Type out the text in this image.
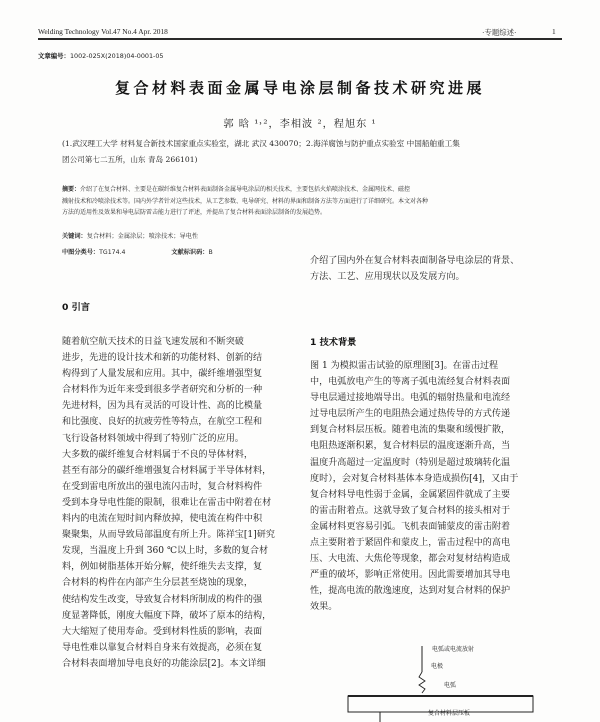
Welding Technology Vol.47 No.4 Apr. 2018	·专题综述·	1
文章编号：1002-025X(2018)04-0001-05
复合材料表面金属导电涂层制备技术研究进展
郭 晗 ¹˒²，李相波 ²，程旭东 ¹
(1.武汉理工大学 材料复合新技术国家重点实验室，湖北 武汉 430070；2.海洋腐蚀与防护重点实验室 中国船舶重工集
团公司第七二五所，山东 青岛 266101)
摘要：介绍了在复合材料、主要是在碳纤维复合材料表面制备金属导电涂层的相关技术，主要包括火焰喷涂技术、金属网技术、磁控
溅射技术和冷喷涂技术等。国内外学者针对这些技术，从工艺参数、电导研究、材料的界面和制备方法等方面进行了详细研究。本文对各种
方法的适用性及效果和导电层防雷击能力进行了评述，并提出了复合材料表面涂层制备的发展趋势。
关键词：复合材料；金属涂层；喷涂技术；导电性
中图分类号：TG174.4	文献标识码：B
介绍了国内外在复合材料表面制备导电涂层的背景、
方法、工艺、应用现状以及发展方向。
0 引言
1 技术背景
随着航空航天技术的日益飞速发展和不断突破
进步，先进的设计技术和新的功能材料、创新的结
构得到了人量发展和应用。其中，碳纤维增强型复
合材料作为近年来受到很多学者研究和分析的一种
先进材料，因为具有灵活的可设计性、高的比模量
和比强度、良好的抗疲劳性等特点，在航空工程和
飞行设备材料领域中得到了特别广泛的应用。
大多数的碳纤维复合材料属于不良的导体材料，
甚至有部分的碳纤维增强复合材料属于半导体材料，
在受到雷电所放出的强电流闪击时，复合材料构件
受到本身导电性能的限制，很难让在雷击中附着在材
料内的电流在短时间内释放掉，使电流在构件中积
聚聚集，从而导致局部温度有所上升。陈祥宝[1]研究
发现，当温度上升到 360 ℃以上时，多数的复合材
料，例如树脂基体开始分解，使纤维失去支撑，复
合材料的构件在内部产生分层甚至烧蚀的现象，
使结构发生改变，导致复合材料所制成的构件的强
度显著降低，刚度大幅度下降，破坏了原本的结构，
大大缩短了使用寿命。受到材料性质的影响，表面
导电性难以靠复合材料自身来有效提高，必须在复
合材料表面增加导电良好的功能涂层[2]。本文详细
图 1 为模拟雷击试验的原理图[3]。在雷击过程
中，电弧放电产生的等离子弧电流经复合材料表面
导电层通过接地端导出。电弧的辐射热量和电流经
过导电层所产生的电阻热会通过热传导的方式传递
到复合材料层压板。随着电流的集聚和缓慢扩散，
电阻热逐渐积累，复合材料层的温度逐渐升高，当
温度升高超过一定温度时（特别是超过玻璃转化温
度时），会对复合材料基体本身造成损伤[4]，又由于
复合材料导电性弱于金属，金属紧固件就成了主要
的雷击附着点。这就导致了复合材料的接头相对于
金属材料更容易引弧。飞机表面铺蒙皮的雷击附着
点主要附着于紧固件和蒙皮上，雷击过程中的高电
压、大电流、大焦伦等现象，都会对复材结构造成
严重的破坏，影响正常使用。因此需要增加其导电
性，提高电流的散逸速度，达到对复合材料的保护
效果。
电弧或电流放射
电极
电弧
复合材料层压板
